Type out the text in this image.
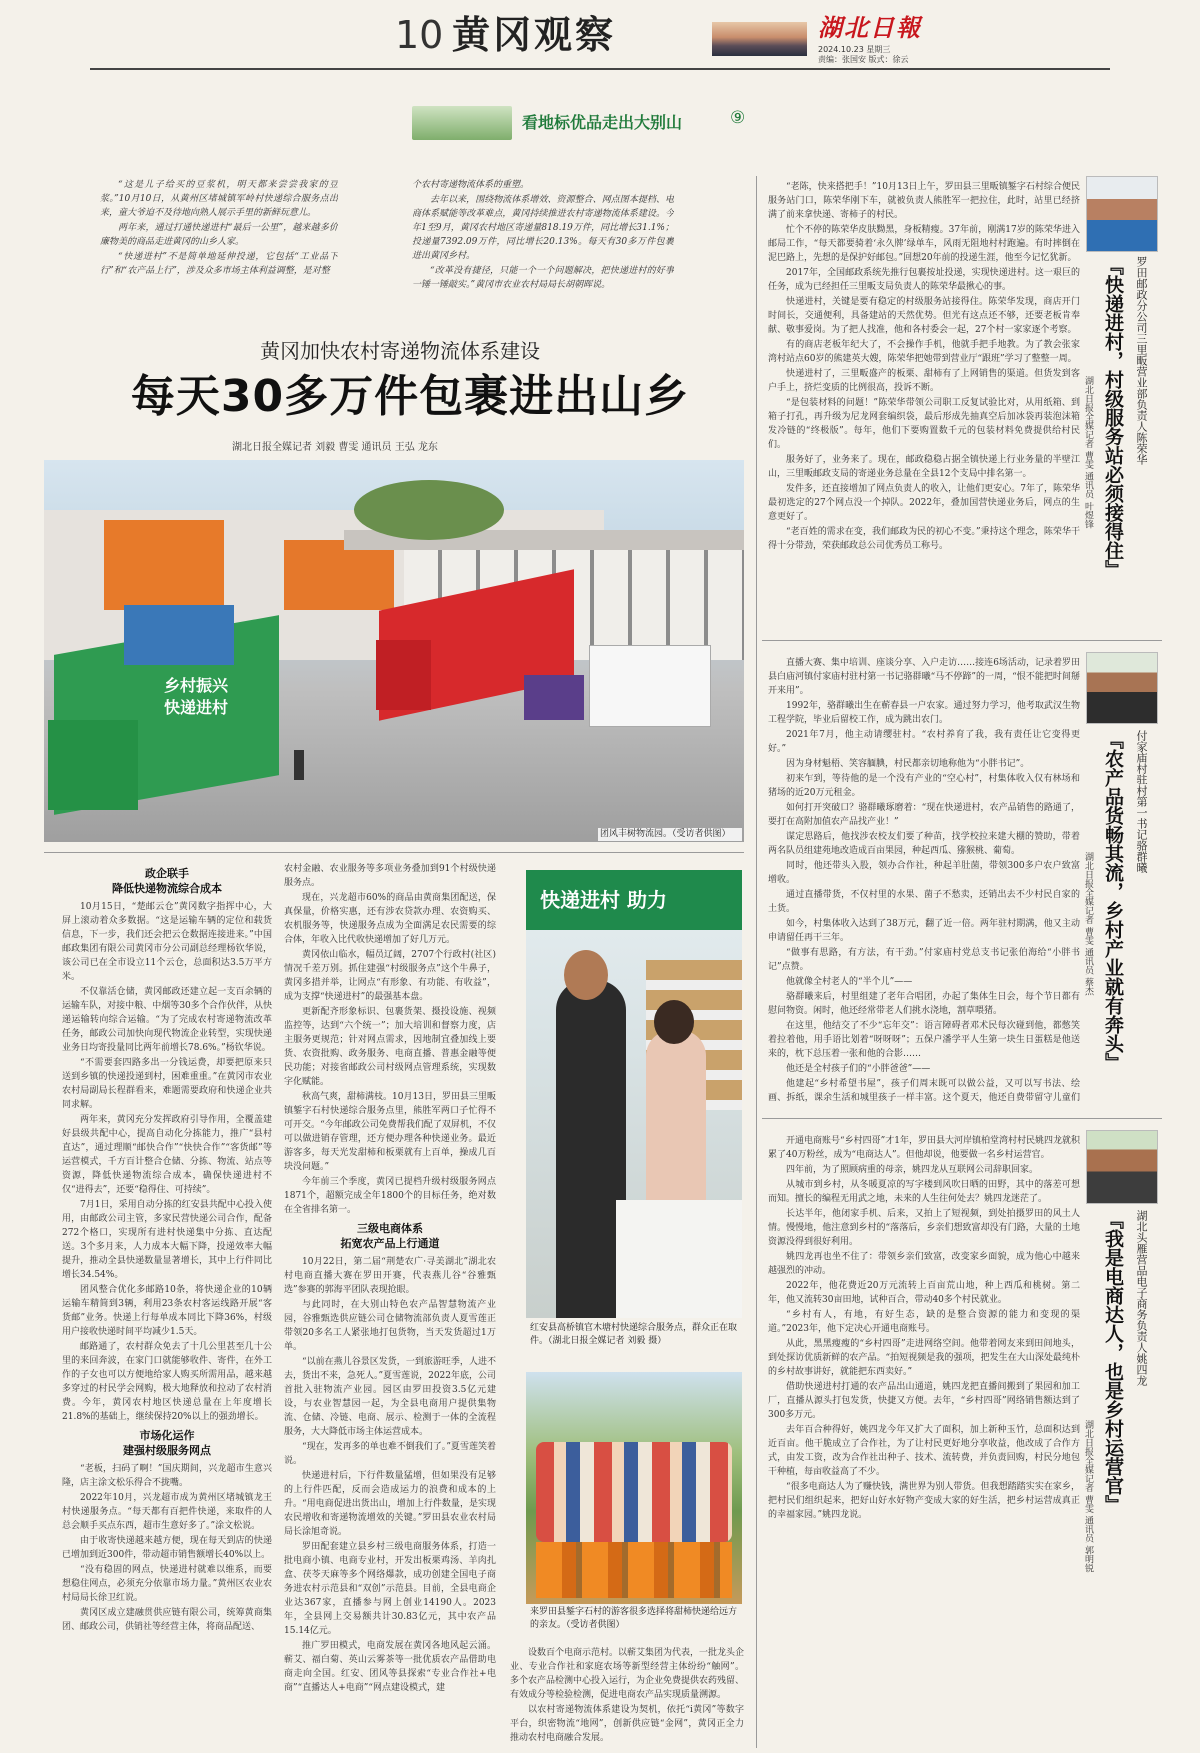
10 黄冈观察	湖北日報
2024.10.23 星期三
责编：张国安 版式：徐云
看地标优品走出大别山	⑨

“这是儿子给买的豆浆机，明天都来尝尝我家的豆浆。”10月10日，从黄州区堵城镇军岭村快递综合服务点出来，童大爷迫不及待地向熟人展示手里的新鲜玩意儿。

两年来，通过打通快递进村“最后一公里”，越来越多价廉物美的商品走进黄冈的山乡人家。

“快递进村”不是简单地延伸投递，它包括“工业品下行”和“农产品上行”，涉及众多市场主体利益调整，是对整

个农村寄递物流体系的重塑。

去年以来，围绕物流体系增效、资源整合、网点图本提档、电商体系赋能等改革难点，黄冈持续推进农村寄递物流体系建设。今年1至9月，黄冈农村地区寄递量818.19万件，同比增长31.1%；投递量7392.09万件，同比增长20.13%。每天有30多万件包裹进出黄冈乡村。

“改革没有捷径，只能一个一个问题解决，把快递进村的好事一锤一锤敲实。”黄冈市农业农村局局长胡朝晖说。

黄冈加快农村寄递物流体系建设
每天30多万件包裹进出山乡
湖北日报全媒记者 刘毅 曹雯 通讯员 王弘 龙东
乡村振兴
快递进村
团风丰树物流园。（受访者供图）
政企联手
降低快递物流综合成本

10月15日，“楚邮云仓”黄冈数字指挥中心，大屏上滚动着众多数据。“这是运输车辆的定位和载货信息，下一步，我们还会把云仓数据连接进来。”中国邮政集团有限公司黄冈市分公司副总经理杨钦华说，该公司已在全市设立11个云仓，总面积达3.5万平方米。

不仅靠活仓储，黄冈邮政还建立起一支百余辆的运输车队，对接中粮、中烟等30多个合作伙伴，从快递运输转向综合运输。“为了完成农村寄递物流改革任务，邮政公司加快向现代物流企业转型，实现快递业务日均寄投量同比两年前增长78.6%。”杨钦华说。

“不需要套四路多出一分钱运费，却要把原来只送到乡镇的快递投递到村，困难重重。”在黄冈市农业农村局副局长程群看来，难题需要政府和快递企业共同求解。

两年来，黄冈充分发挥政府引导作用，全覆盖建好县级共配中心，提高自动化分拣能力，推广“县村直达”，通过理顺“邮快合作”“快快合作”“客货邮”等运营模式，千方百计整合仓储、分拣、物流、站点等资源，降低快递物流综合成本，确保快递进村不仅“进得去”，还要“稳得住、可持续”。

7月1日，采用自动分拣的红安县共配中心投入使用，由邮政公司主管，多家民营快递公司合作，配备272个格口，实现所有进村快递集中分拣、直达配送。3个多月来，人力成本大幅下降，投递效率大幅提升，推动全县快递数量显著增长，其中上行件同比增长34.54%。

团风整合优化多邮路10条，将快递企业的10辆运输车精简到3辆，利用23条农村客运线路开展“客货邮”业务。快递上行每单成本同比下降36%，村级用户接收快递时间平均减少1.5天。

邮路通了，农村群众免去了十几公里甚至几十公里的来回奔波，在家门口就能够收件、寄件，在外工作的子女也可以方便地给家人购买所需用品，越来越多穿过的村民学会网购，极大地释放和拉动了农村消费。今年，黄冈农村地区快递总量在上年度增长21.8%的基础上，继续保持20%以上的强劲增长。

市场化运作
建强村级服务网点

“老板，扫码了啊！”国庆期间，兴龙超市生意兴隆，店主涂文松乐得合不拢嘴。

2022年10月，兴龙超市成为黄州区堵城镇龙王村快递服务点。“每天都有百把件快递，来取件的人总会顺手买点东西，超市生意好多了。”涂文松说。

由于收寄快递越来越方便，现在每天到店的快递已增加到近300件，带动超市销售额增长40%以上。

“没有稳固的网点，快递进村就难以维系，而要想稳住网点，必须充分依靠市场力量。”黄州区农业农村局局长徐卫红说。

黄冈区成立建融贯供应链有限公司，统筹黄商集团、邮政公司，供销社等经营主体，将商品配送、

农村金融、农业服务等多项业务叠加到91个村级快递服务点。

现在，兴龙超市60%的商品由黄商集团配送，保真保量，价格实惠，还有涉农贷款办理、农资购买、农机服务等，快递服务点成为全面满足农民需要的综合体，年收入比代收快递增加了好几万元。

黄冈依山临水，幅员辽阔，2707个行政村(社区)情况千差万别。抓住建强“村级服务点”这个牛鼻子，黄冈多措并举，让网点“有形象、有功能、有收益”，成为支撑“快递进村”的最强基本盘。

更新配齐形象标识、包裹货架、摄投设施、视频监控等，达到“六个统一”；加大培训和督察力度，店主服务更规范；针对网点需求，因地制宜叠加线上要货、农资批购、政务服务、电商直播、普惠金融等便民功能；对接省邮政公司村级网点管理系统，实现数字化赋能。

秋高气爽，甜柿满枝。10月13日，罗田县三里畈镇錾字石村快递综合服务点里，熊胜军两口子忙得不可开交。“今年邮政公司免费帮我们配了双屏机，不仅可以做进销存管理，还方便办理各种快递业务。最近游客多，每天光发甜柿和板栗就有上百单，操成几百块没问题。”

今年前三个季度，黄冈已提档升级村级服务网点1871个，超额完成全年1800个的目标任务，绝对数在全省排名第一。

三级电商体系
拓宽农产品上行通道

10月22日，第二届“荆楚农广·寻美湖北”湖北农村电商直播大赛在罗田开赛，代表燕儿谷“谷雅甄选”参赛的郭海平团队表现抢眼。

与此同时，在大别山特色农产品智慧物流产业园，谷雅甄选供应链公司仓储物流部负责人夏雪莲正带领20多名工人紧张地打包货物，当天发货超过1万单。

“以前在燕儿谷景区发货，一到旅游旺季，人进不去，货出不来，急死人。”夏雪莲说，2022年底，公司首批入驻物流产业园。园区由罗田投资3.5亿元建设，与农业智慧园一起，为全县电商用户提供集物流、仓储、冷链、电商、展示、检测于一体的全流程服务，大大降低市场主体运营成本。

“现在，发再多的单也难不倒我们了。”夏雪莲笑着说。

快递进村后，下行件数量猛增，但如果没有足够的上行件匹配，反而会造成运力的浪费和成本的上升。“用电商促进出货出山，增加上行件数量，是实现农民增收和寄递物流增效的关键。”罗田县农业农村局局长涂旭奇说。

罗田配套建立县乡村三级电商服务体系，打造一批电商小镇、电商专业村，开发出板栗鸡汤、羊肉扎盒、茯苓天麻等多个网络爆款，成功创建全国电子商务进农村示范县和“双创”示范县。目前，全县电商企业达367家，直播参与网上创业14190人。2023年，全县网上交易额共计30.83亿元，其中农产品15.14亿元。

推广罗田模式，电商发展在黄冈各地风起云涌。蕲艾、福白菊、英山云雾茶等一批优质农产品借助电商走向全国。红安、团风等县探索“专业合作社+电商”“直播达人+电商”“网点建设模式，建

快递进村 助力
红安县高桥镇官木塘村快递综合服务点，群众正在取件。（湖北日报全媒记者 刘毅 摄）
来罗田县錾字石村的游客很多选择将甜柿快递给远方的亲友。（受访者供图）

设数百个电商示范村。以蕲艾集团为代表，一批龙头企业、专业合作社和家庭农场等新型经营主体纷纷“触网”。多个农产品检测中心投入运行，为企业免费提供农药残留、有效成分等检验检测，促进电商农产品实现质量溯源。

以农村寄递物流体系建设为契机，依托“i黄冈”等数字平台，织密物流“地网”，创新供应链“金网”，黄冈正全力推动农村电商融合发展。

“老陈，快来搭把手！”10月13日上午，罗田县三里畈镇錾字石村综合便民服务站门口，陈荣华刚下车，就被负责人熊胜军一把拉住，此时，站里已经挤满了前来拿快递、寄柿子的村民。

忙个不停的陈荣华皮肤黝黑，身板精瘦。37年前，刚满17岁的陈荣华进入邮局工作，“每天都要骑着‘永久牌’绿单车，风雨无阻地村村跑遍。有时摔倒在泥巴路上，先想的是保护好邮包。”回想20年前的投递生涯，他至今记忆犹新。

2017年，全国邮政系统先推行包裹按址投递，实现快递进村。这一艰巨的任务，成为已经担任三里畈支局负责人的陈荣华最揪心的事。

快递进村，关键是要有稳定的村级服务站接得住。陈荣华发现，商店开门时间长，交通便利，具备建站的天然优势。但光有这点还不够，还要老板肯奉献、敬事爱岗。为了把人找准，他和各村委会一起，27个村一家家逐个考察。

有的商店老板年纪大了，不会操作手机，他就手把手地教。为了教会张家湾村站点60岁的熊建英大嫂，陈荣华把她带到营业厅“跟班”学习了整整一周。

快递进村了，三里畈盛产的板栗、甜柿有了上网销售的渠道。但货发到客户手上，挤烂变质的比例很高，投诉不断。

“是包装材料的问题！”陈荣华带领公司职工反复试验比对，从用纸箱、到箱子打孔，再升级为尼龙网套编织袋，最后形成先抽真空后加冰袋再装泡沫箱发冷链的“终极版”。每年，他们下要购置数千元的包装材料免费提供给村民们。

服务好了，业务来了。现在，邮政稳稳占据全镇快递上行业务量的半壁江山，三里畈邮政支局的寄递业务总量在全县12个支局中排名第一。

发件多，还直接增加了网点负责人的收入，让他们更安心。7年了，陈荣华最初选定的27个网点没一个掉队。2022年，叠加国营快递业务后，网点的生意更好了。

“老百姓的需求在变，我们邮政为民的初心不变。”秉持这个理念，陈荣华干得十分带劲，荣获邮政总公司优秀员工称号。

罗田邮政分公司三里畈营业部负责人陈荣华
『快递进村，村级服务站必须接得住』
湖北日报全媒记者 曹雯 通讯员 叶煜锋

直播大赛、集中培训、座谈分享、入户走访……接连6场活动，记录着罗田县白庙河镇付家庙村驻村第一书记骆群曦“马不停蹄”的一周，“恨不能把时间掰开来用”。

1992年，骆群曦出生在蕲春县一户农家。通过努力学习，他考取武汉生物工程学院，毕业后留校工作，成为跳出农门。

2021年7月，他主动请缨驻村。“农村养育了我，我有责任让它变得更好。”

因为身材魁梧、笑容腼腆，村民都亲切地称他为“小胖书记”。

初来乍到，等待他的是一个没有产业的“空心村”，村集体收入仅有林场和猪场的近20万元租金。

如何打开突破口？骆群曦琢磨着：“现在快递进村，农产品销售的路通了，要打在高附加值农产品找产业！”

谋定思路后，他找涉农校友们要了种苗，找学校拉来建大棚的赞助，带着两名队员组建苑地改造成百亩果园，种起西瓜、猕猴桃、葡萄。

同时，他还带头入股，领办合作社，种起羊肚菌，带领300多户农户致富增收。

通过直播带货，不仅村里的水果、菌子不愁卖，还销出去不少村民自家的土货。

如今，村集体收入达到了38万元，翻了近一倍。两年驻村期满，他又主动申请留任再干三年。

“做事有思路，有方法，有干劲。”付家庙村党总支书记张伯海给“小胖书记”点赞。

他就像全村老人的“半个儿”——

骆群曦来后，村里组建了老年合唱团，办起了集体生日会，每个节日都有慰问物资。闲时，他还经常带老人们挑水浇地，割草喂猪。

在这里，他结交了不少“忘年交”：语言障碍者邓术民每次碰到他，都憋笑着拉着他，用手语比划着“呀呀呀”；五保户潘学平人生第一块生日蛋糕是他送来的，枕下总压着一张和他的合影……

他还是全村孩子们的“小胖爸爸”——

他建起“乡村希望书屋”，孩子们周末既可以做公益，又可以写书法、绘画、拆纸，课余生活和城里孩子一样丰富。这个夏天，他还自费带留守儿童们

付家庙村驻村第一书记骆群曦
『农产品货畅其流，乡村产业就有奔头』
湖北日报全媒记者 曹雯 通讯员 蔡杰

开通电商账号“乡村四哥”才1年，罗田县大河岸镇柏堂湾村村民姚四龙就积累了40万粉丝，成为“电商达人”。但他却说，他要做一名乡村运营官。

四年前，为了照顾病重的母亲，姚四龙从互联网公司辞职回家。

从城市到乡村，从冬暖夏凉的写字楼到风吹日晒的田野，其中的落差可想而知。擅长的编程无用武之地，未来的人生往何处去？姚四龙迷茫了。

长达半年，他闭家手机、后来，又拍上了短视频，到处拍摄罗田的风土人情。慢慢地，他注意到乡村的“落落后，乡亲们想致富却没有门路，大量的土地资源没得到很好利用。

姚四龙再也坐不住了：带领乡亲们致富，改变家乡面貌，成为他心中越来越强烈的冲动。

2022年，他花费近20万元流转上百亩荒山地，种上西瓜和桃树。第二年，他又流转30亩田地，试种百合，带动40多个村民就业。

“乡村有人，有地，有好生态，缺的是整合资源的能力和变现的渠道。”2023年，他下定决心开通电商账号。

从此，黑黑瘦瘦的“乡村四哥”走进网络空间。他带着网友来到田间地头，到处探访优质新鲜的农产品。“拍短视频是我的强项，把发生在大山深处最纯朴的乡村故事讲好，就能把东西卖好。”

借助快递进村打通的农产品出山通道，姚四龙把直播间搬到了果园和加工厂，直播从源头打包发货，快捷又方便。去年，“乡村四哥”网络销售额达到了300多万元。

去年百合种得好，姚四龙今年又扩大了面积，加上新种玉竹，总面积达到近百亩。他干脆成立了合作社，为了让村民更好地分享收益，他改成了合作方式，由发工资，改为合作社出种子、技术、流转费，并负责回购，村民分地包干种植，每亩收益高了不少。

“很多电商达人为了赚快钱，满世界为别人带货。但我想踏踏实实在家乡，把村民们组织起来，把好山好水好物产变成大家的好生活，把乡村运营成真正的幸福家园。”姚四龙说。

湖北头雁营品电子商务负责人姚四龙
『我是电商达人，也是乡村运营官』
湖北日报全媒记者 曹雯 通讯员 郭明锐
